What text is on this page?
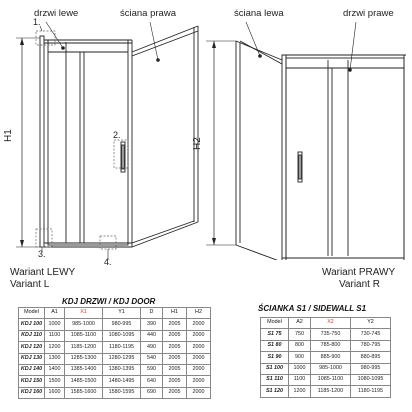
drzwi lewe	ściana prawa
1.
2.
3.
4.
H1
Wariant LEWY
Variant L
ściana lewa	drzwi prawe
H2
Wariant PRAWY
Variant R
KDJ DRZWI / KDJ DOOR
Model	A1	X1	Y1	D	H1	H2
KDJ 100	1000	985-1000	980-995	390	2005	2000
KDJ 110	1100	1085-1100	1080-1095	440	2005	2000
KDJ 120	1200	1185-1200	1180-1195	490	2005	2000
KDJ 130	1300	1285-1300	1280-1295	540	2005	2000
KDJ 140	1400	1385-1400	1380-1395	590	2005	2000
KDJ 150	1500	1485-1500	1480-1495	640	2005	2000
KDJ 160	1600	1585-1600	1580-1595	690	2005	2000
ŚCIANKA S1 / SIDEWALL S1
Model	A2	X2	Y2
S1 75	750	735-750	730-745
S1 80	800	785-800	780-795
S1 90	900	885-900	880-895
S1 100	1000	985-1000	980-995
S1 110	1100	1085-1100	1080-1095
S1 120	1200	1185-1200	1180-1195
